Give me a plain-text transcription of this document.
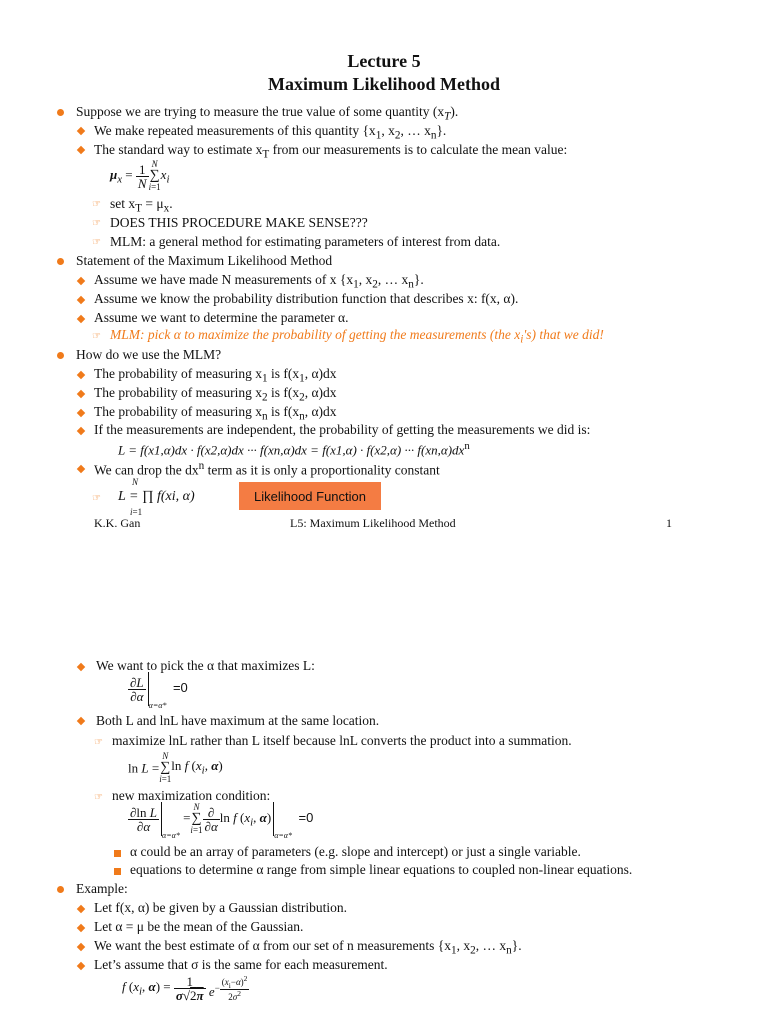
Lecture 5
Maximum Likelihood Method
Suppose we are trying to measure the true value of some quantity $(x_T)$.
We make repeated measurements of this quantity {$x_1$, $x_2$, … $x_n$}.
The standard way to estimate $x_T$ from our measurements is to calculate the mean value:
$\mu_x = \frac{1}{N}$ N
∑
$i=1x_i$
☞ set $x_T = \mu_x$.
☞ DOES THIS PROCEDURE MAKE SENSE???
☞ MLM: a general method for estimating parameters of interest from data.
Statement of the Maximum Likelihood Method
Assume we have made N measurements of x {$x_1$, $x_2$, … $x_n$}.
Assume we know the probability distribution function that describes x: f(x, α).
Assume we want to determine the parameter α.
☞ MLM: pick α to maximize the probability of getting the measurements (the $x_i's$) that we did!
How do we use the MLM?
The probability of measuring $x_1$ is $f(x_1$, α)dx
The probability of measuring $x_2$ is $f(x_2$, α)dx
The probability of measuring $x_n$ is $f(x_n$, α)dx
If the measurements are independent, the probability of getting the measurements we did is:
L = f(x1,α)dx · f(x2,α)dx ··· f(xn,α)dx = f(x1,α) · f(x2,α) ··· $f(xn,\alpha)dx^n$
We can drop the $dx^n$ term as it is only a proportionality constant
☞
N
L = ∏ f(xi, α)
i=1
Likelihood Function
K.K. Gan	L5: Maximum Likelihood Method	1
We want to pick the α that maximizes L:
$\frac{\partial L}{\partial\alpha}$
$_{\alpha=\alpha*}$  =0
Both L and lnL have maximum at the same location.
☞ maximize lnL rather than L itself because lnL converts the product into a summation.
ln L =N
∑
i=1ln f ($x_i$, α)
☞ new maximization condition:
$\frac{\text{∂ln L}}{\partial\alpha}$
$_{\alpha=\alpha*}$ =N
∑
$i=1 \frac{\partial}{\partial\alpha}$ ln f ($x_i$, $\alpha)_{\alpha=\alpha*} =0$
α could be an array of parameters (e.g. slope and intercept) or just a single variable.
equations to determine α range from simple linear equations to coupled non-linear equations.
Example:
Let f(x, α) be given by a Gaussian distribution.
Let α = μ be the mean of the Gaussian.
We want the best estimate of α from our set of n measurements {$x_1$, $x_2$, … $x_n$}.
Let’s assume that σ is the same for each measurement.
f ($x_i$, $\alpha) = \frac{1}{\sigma√2\pi} e^{- \frac{(x_i-\alpha)^2}{2\sigma^2}}$
